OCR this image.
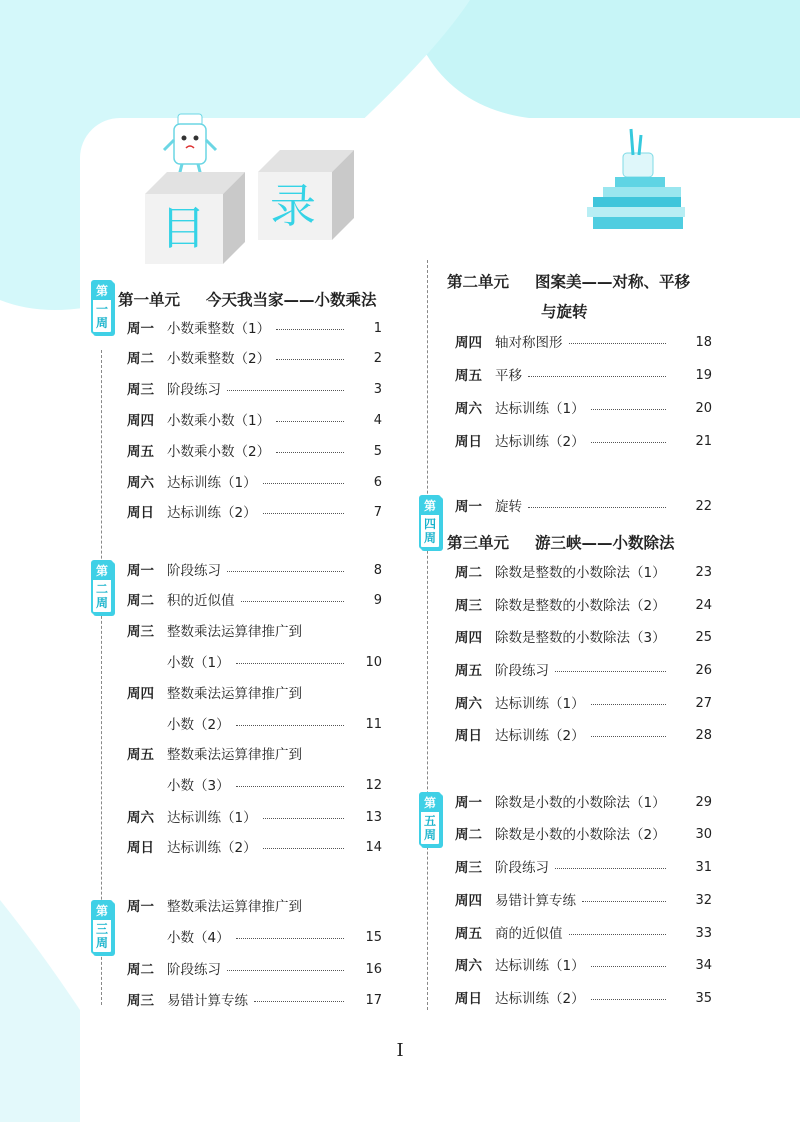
目 录
第一单元 今天我当家——小数乘法
第
一周
第
二周
第
三周
周一 小数乘整数（1）	1
周二 小数乘整数（2）	2
周三 阶段练习	3
周四 小数乘小数（1）	4
周五 小数乘小数（2）	5
周六 达标训练（1）	6
周日 达标训练（2）	7
周一 阶段练习	8
周二 积的近似值	9
周三 整数乘法运算律推广到
小数（1）	10
周四 整数乘法运算律推广到
小数（2）	11
周五 整数乘法运算律推广到
小数（3）	12
周六 达标训练（1）	13
周日 达标训练（2）	14
周一 整数乘法运算律推广到
小数（4）	15
周二 阶段练习	16
周三 易错计算专练	17
第二单元 图案美——对称、平移
与旋转
第
四周
第
五周
第三单元 游三峡——小数除法
周四 轴对称图形	18
周五 平移	19
周六 达标训练（1）	20
周日 达标训练（2）	21
周一 旋转	22
周二 除数是整数的小数除法（1）	23
周三 除数是整数的小数除法（2）	24
周四 除数是整数的小数除法（3）	25
周五 阶段练习	26
周六 达标训练（1）	27
周日 达标训练（2）	28
周一 除数是小数的小数除法（1）	29
周二 除数是小数的小数除法（2）	30
周三 阶段练习	31
周四 易错计算专练	32
周五 商的近似值	33
周六 达标训练（1）	34
周日 达标训练（2）	35
I
